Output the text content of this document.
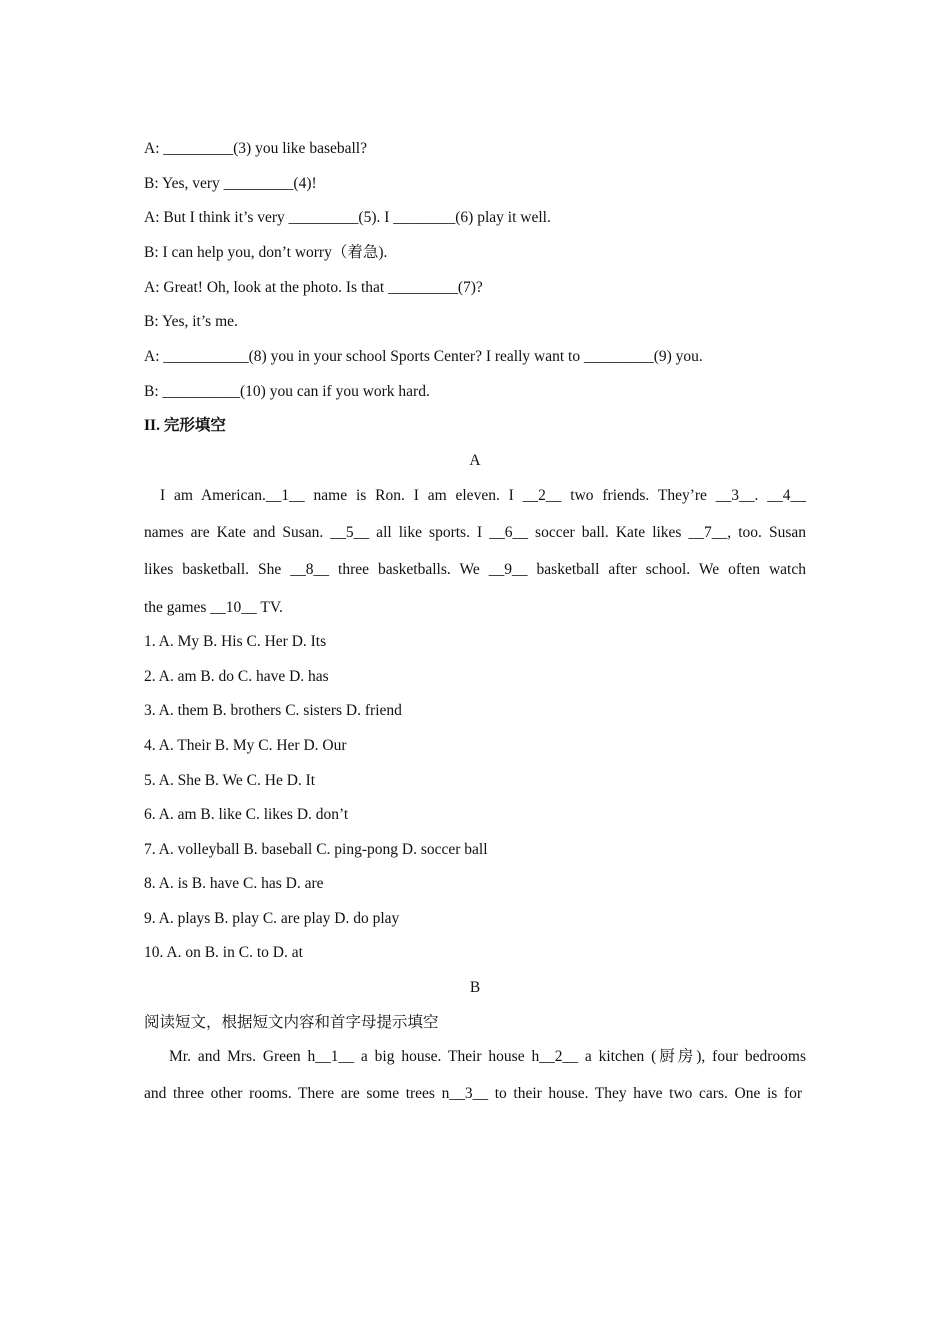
A: _________(3) you like baseball?
B: Yes, very _________(4)!
A: But I think it’s very _________(5). I ________(6) play it well.
B: I can help you, don’t worry（着急).
A: Great! Oh, look at the photo. Is that _________(7)?
B: Yes, it’s me.
A: ___________(8) you in your school Sports Center? I really want to _________(9) you.
B: __________(10) you can if you work hard.
II. 完形填空
A
I am American.__1__ name is Ron. I am eleven. I __2__ two friends. They’re __3__. __4__
names are Kate and Susan. __5__ all like sports. I __6__ soccer ball. Kate likes __7__, too. Susan
likes basketball. She __8__ three basketballs. We __9__ basketball after school. We often watch
the games __10__ TV.
1. A. My B. His C. Her D. Its
2. A. am B. do C. have D. has
3. A. them B. brothers C. sisters D. friend
4. A. Their B. My C. Her D. Our
5. A. She B. We C. He D. It
6. A. am B. like C. likes D. don’t
7. A. volleyball B. baseball C. ping-pong D. soccer ball
8. A. is B. have C. has D. are
9. A. plays B. play C. are play D. do play
10. A. on B. in C. to D. at
B
阅读短文，根据短文内容和首字母提示填空
Mr. and Mrs. Green h__1__ a big house. Their house h__2__ a kitchen (厨房), four bedrooms
and three other rooms. There are some trees n__3__ to their house. They have two cars. One is for
